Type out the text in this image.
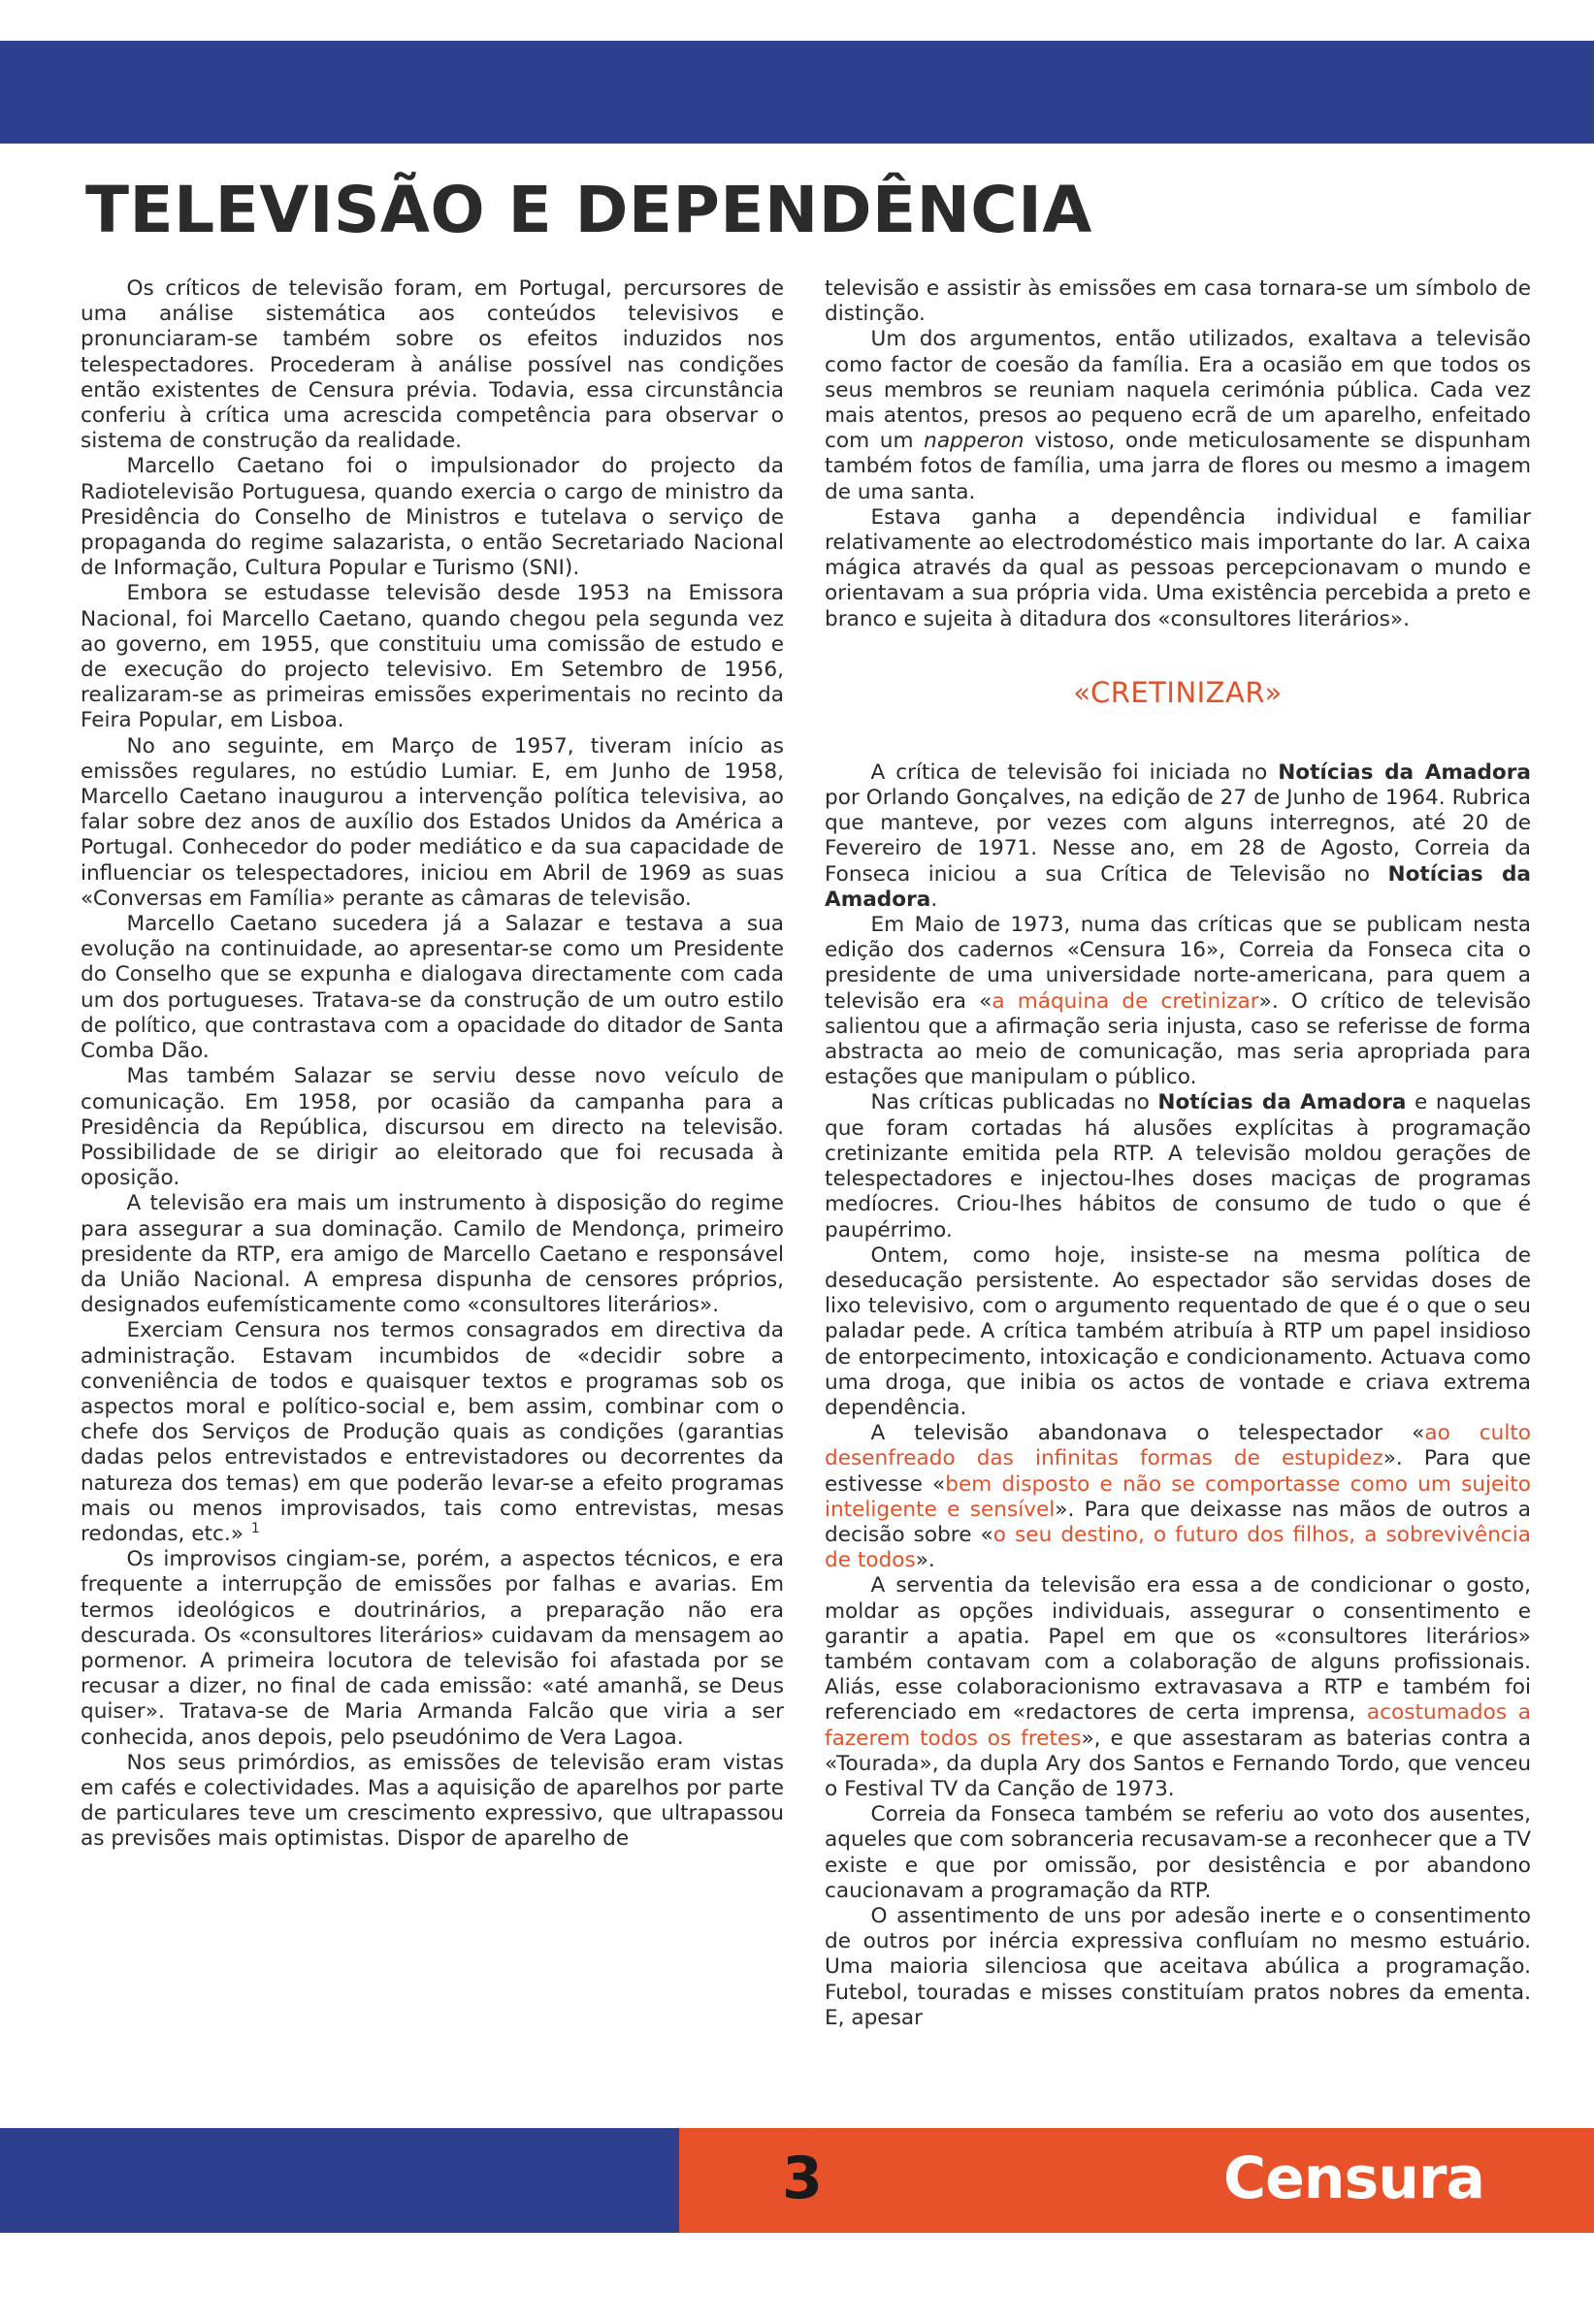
TELEVISÃO E DEPENDÊNCIA

Os críticos de televisão foram, em Portugal, percursores de uma análise sistemática aos conteúdos televisivos e pronunciaram-se também sobre os efeitos induzidos nos telespectadores. Procederam à análise possível nas condições então existentes de Censura prévia. Todavia, essa circunstância conferiu à crítica uma acrescida competência para observar o sistema de construção da realidade.

Marcello Caetano foi o impulsionador do projecto da Radiotelevisão Portuguesa, quando exercia o cargo de ministro da Presidência do Conselho de Ministros e tutelava o serviço de propaganda do regime salazarista, o então Secretariado Nacional de Informação, Cultura Popular e Turismo (SNI).

Embora se estudasse televisão desde 1953 na Emissora Nacional, foi Marcello Caetano, quando chegou pela segunda vez ao governo, em 1955, que constituiu uma comissão de estudo e de execução do projecto televisivo. Em Setembro de 1956, realizaram-se as primeiras emissões experimentais no recinto da Feira Popular, em Lisboa.

No ano seguinte, em Março de 1957, tiveram início as emissões regulares, no estúdio Lumiar. E, em Junho de 1958, Marcello Caetano inaugurou a intervenção política televisiva, ao falar sobre dez anos de auxílio dos Estados Unidos da América a Portugal. Conhecedor do poder mediático e da sua capacidade de influenciar os telespectadores, iniciou em Abril de 1969 as suas «Conversas em Família» perante as câmaras de televisão.

Marcello Caetano sucedera já a Salazar e testava a sua evolução na continuidade, ao apresentar-se como um Presidente do Conselho que se expunha e dialogava directamente com cada um dos portugueses. Tratava-se da construção de um outro estilo de político, que contrastava com a opacidade do ditador de Santa Comba Dão.

Mas também Salazar se serviu desse novo veículo de comunicação. Em 1958, por ocasião da campanha para a Presidência da República, discursou em directo na televisão. Possibilidade de se dirigir ao eleitorado que foi recusada à oposição.

A televisão era mais um instrumento à disposição do regime para assegurar a sua dominação. Camilo de Mendonça, primeiro presidente da RTP, era amigo de Marcello Caetano e responsável da União Nacional. A empresa dispunha de censores próprios, designados eufemísticamente como «consultores literários».

Exerciam Censura nos termos consagrados em directiva da administração. Estavam incumbidos de «decidir sobre a conveniência de todos e quaisquer textos e programas sob os aspectos moral e político-social e, bem assim, combinar com o chefe dos Serviços de Produção quais as condições (garantias dadas pelos entrevistados e entrevistadores ou decorrentes da natureza dos temas) em que poderão levar-se a efeito programas mais ou menos improvisados, tais como entrevistas, mesas redondas, etc.» $^1$

Os improvisos cingiam-se, porém, a aspectos técnicos, e era frequente a interrupção de emissões por falhas e avarias. Em termos ideológicos e doutrinários, a preparação não era descurada. Os «consultores literários» cuidavam da mensagem ao pormenor. A primeira locutora de televisão foi afastada por se recusar a dizer, no final de cada emissão: «até amanhã, se Deus quiser». Tratava-se de Maria Armanda Falcão que viria a ser conhecida, anos depois, pelo pseudónimo de Vera Lagoa.

Nos seus primórdios, as emissões de televisão eram vistas em cafés e colectividades. Mas a aquisição de aparelhos por parte de particulares teve um crescimento expressivo, que ultrapassou as previsões mais optimistas. Dispor de aparelho de

televisão e assistir às emissões em casa tornara-se um símbolo de distinção.

Um dos argumentos, então utilizados, exaltava a televisão como factor de coesão da família. Era a ocasião em que todos os seus membros se reuniam naquela cerimónia pública. Cada vez mais atentos, presos ao pequeno ecrã de um aparelho, enfeitado com um napperon vistoso, onde meticulosamente se dispunham também fotos de família, uma jarra de flores ou mesmo a imagem de uma santa.

Estava ganha a dependência individual e familiar relativamente ao electrodoméstico mais importante do lar. A caixa mágica através da qual as pessoas percepcionavam o mundo e orientavam a sua própria vida. Uma existência percebida a preto e branco e sujeita à ditadura dos «consultores literários».

«CRETINIZAR»

A crítica de televisão foi iniciada no Notícias da Amadora por Orlando Gonçalves, na edição de 27 de Junho de 1964. Rubrica que manteve, por vezes com alguns interregnos, até 20 de Fevereiro de 1971. Nesse ano, em 28 de Agosto, Correia da Fonseca iniciou a sua Crítica de Televisão no Notícias da Amadora.

Em Maio de 1973, numa das críticas que se publicam nesta edição dos cadernos «Censura 16», Correia da Fonseca cita o presidente de uma universidade norte-americana, para quem a televisão era «a máquina de cretinizar». O crítico de televisão salientou que a afirmação seria injusta, caso se referisse de forma abstracta ao meio de comunicação, mas seria apropriada para estações que manipulam o público.

Nas críticas publicadas no Notícias da Amadora e naquelas que foram cortadas há alusões explícitas à programação cretinizante emitida pela RTP. A televisão moldou gerações de telespectadores e injectou-lhes doses maciças de programas medíocres. Criou-lhes hábitos de consumo de tudo o que é paupérrimo.

Ontem, como hoje, insiste-se na mesma política de deseducação persistente. Ao espectador são servidas doses de lixo televisivo, com o argumento requentado de que é o que o seu paladar pede. A crítica também atribuía à RTP um papel insidioso de entorpecimento, intoxicação e condicionamento. Actuava como uma droga, que inibia os actos de vontade e criava extrema dependência.

A televisão abandonava o telespectador «ao culto desenfreado das infinitas formas de estupidez». Para que estivesse «bem disposto e não se comportasse como um sujeito inteligente e sensível». Para que deixasse nas mãos de outros a decisão sobre «o seu destino, o futuro dos filhos, a sobrevivência de todos».

A serventia da televisão era essa a de condicionar o gosto, moldar as opções individuais, assegurar o consentimento e garantir a apatia. Papel em que os «consultores literários» também contavam com a colaboração de alguns profissionais. Aliás, esse colaboracionismo extravasava a RTP e também foi referenciado em «redactores de certa imprensa, acostumados a fazerem todos os fretes», e que assestaram as baterias contra a «Tourada», da dupla Ary dos Santos e Fernando Tordo, que venceu o Festival TV da Canção de 1973.

Correia da Fonseca também se referiu ao voto dos ausentes, aqueles que com sobranceria recusavam-se a reconhecer que a TV existe e que por omissão, por desistência e por abandono caucionavam a programação da RTP.

O assentimento de uns por adesão inerte e o consentimento de outros por inércia expressiva confluíam no mesmo estuário. Uma maioria silenciosa que aceitava abúlica a programação. Futebol, touradas e misses constituíam pratos nobres da ementa. E, apesar

3	Censura 16
